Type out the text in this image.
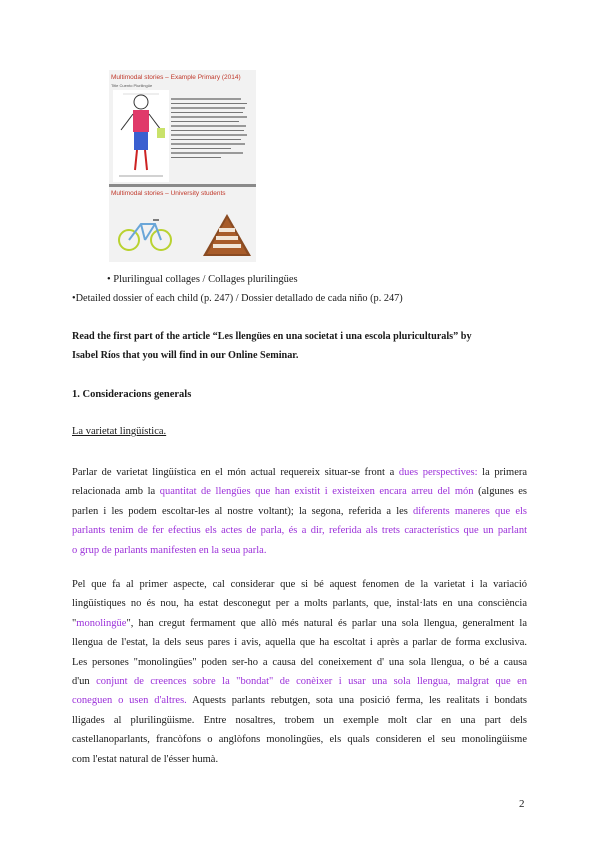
Multimodal stories – Example Primary (2014)
Title Cuento Plurilingüe
Multimodal stories – University students
• Plurilingual collages / Collages plurilingües
•Detailed dossier of each child (p. 247) / Dossier detallado de cada niño (p. 247)
Read the first part of the article “Les llengües en una societat i una escola pluriculturals” by
Isabel Ríos that you will find in our Online Seminar.
1. Consideracions generals
La varietat lingüística.
Parlar de varietat lingüística en el món actual requereix situar-se front a dues perspectives: la primera
relacionada amb la quantitat de llengües que han existit i existeixen encara arreu del món (algunes es
parlen i les podem escoltar-les al nostre voltant); la segona, referida a les diferents maneres que els
parlants tenim de fer efectius els actes de parla, és a dir, referida als trets característics que un parlant
o grup de parlants manifesten en la seua parla.
Pel que fa al primer aspecte, cal considerar que si bé aquest fenomen de la varietat i la variació
lingüístiques no és nou, ha estat desconegut per a molts parlants, que, instal·lats en una consciència
"monolingüe", han cregut fermament que allò més natural és parlar una sola llengua, generalment la
llengua de l'estat, la dels seus pares i avis, aquella que ha escoltat i après a parlar de forma exclusiva.
Les persones "monolingües" poden ser-ho a causa del coneixement d' una sola llengua, o bé a causa
d'un conjunt de creences sobre la "bondat" de conèixer i usar una sola llengua, malgrat que en
coneguen o usen d'altres. Aquests parlants rebutgen, sota una posició ferma, les realitats i bondats
lligades al plurilingüisme. Entre nosaltres, trobem un exemple molt clar en una part dels
castellanoparlants, francòfons o anglòfons monolingües, els quals consideren el seu monolingüisme
com l'estat natural de l'ésser humà.
2
